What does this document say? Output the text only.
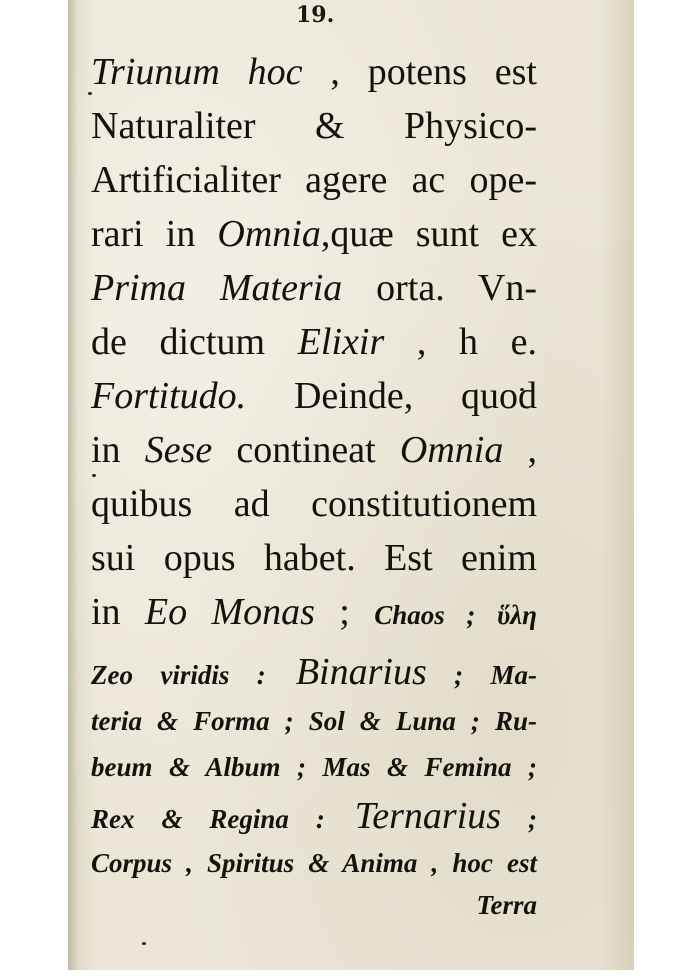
19.
Triunum hoc , potens est
Naturaliter & Physico-
Artificialiter agere ac ope-
rari in Omnia,quæ sunt ex
Prima Materia orta. Vn-
de dictum Elixir , h e.
Fortitudo. Deinde, quod
in Sese contineat Omnia ,
quibus ad constitutionem
sui opus habet. Est enim
in Eo Monas ; Chaos ; ὕλη
Zeo viridis : Binarius ; Ma-
teria & Forma ; Sol & Luna ; Ru-
beum & Album ; Mas & Femina ;
Rex & Regina : Ternarius ;
Corpus , Spiritus & Anima , hoc est
Terra
